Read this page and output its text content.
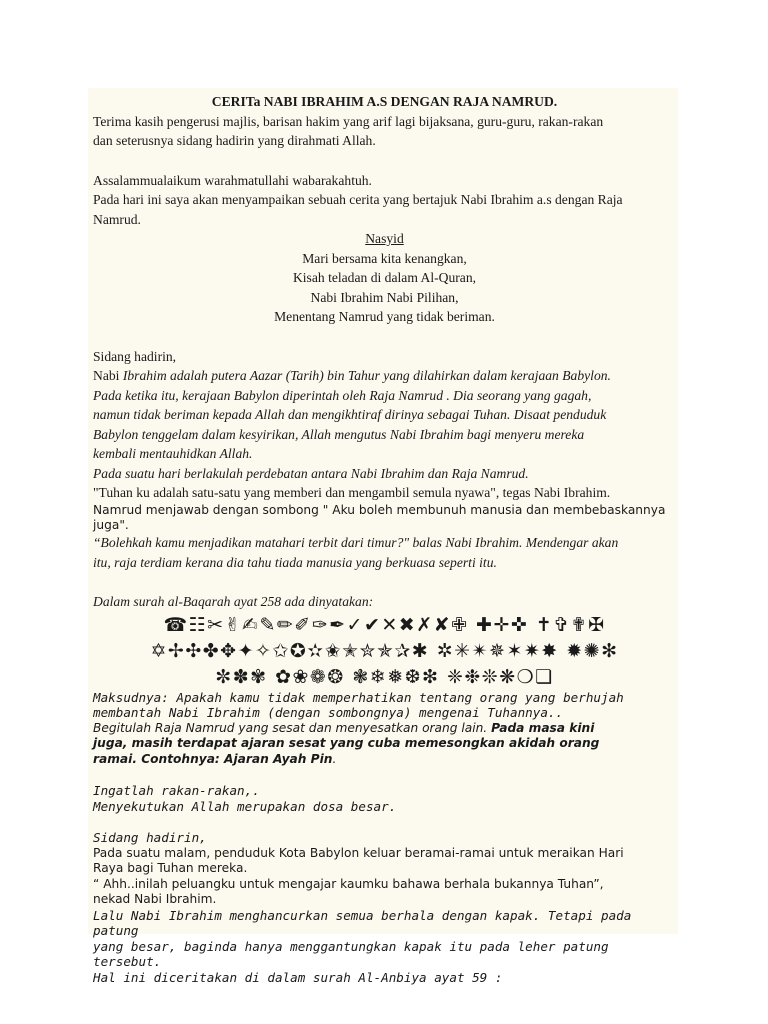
CERITa NABI IBRAHIM A.S DENGAN RAJA NAMRUD.

Terima kasih pengerusi majlis, barisan hakim yang arif lagi bijaksana, guru-guru, rakan-rakan

dan seterusnya sidang hadirin yang dirahmati Allah.

Assalammualaikum warahmatullahi wabarakahtuh.

Pada hari ini saya akan menyampaikan sebuah cerita yang bertajuk Nabi Ibrahim a.s dengan Raja

Namrud.

Nasyid

Mari bersama kita kenangkan,

Kisah teladan di dalam Al-Quran,

Nabi Ibrahim Nabi Pilihan,

Menentang Namrud yang tidak beriman.

Sidang hadirin,

Nabi Ibrahim adalah putera Aazar (Tarih) bin Tahur yang dilahirkan dalam kerajaan Babylon.

Pada ketika itu, kerajaan Babylon diperintah oleh Raja Namrud . Dia seorang yang gagah,

namun tidak beriman kepada Allah dan mengikhtiraf dirinya sebagai Tuhan. Disaat penduduk

Babylon tenggelam dalam kesyirikan, Allah mengutus Nabi Ibrahim bagi menyeru mereka

kembali mentauhidkan Allah.

Pada suatu hari berlakulah perdebatan antara Nabi Ibrahim dan Raja Namrud.

"Tuhan ku adalah satu-satu yang memberi dan mengambil semula nyawa", tegas Nabi Ibrahim.

Namrud menjawab dengan sombong " Aku boleh membunuh manusia dan membebaskannya

juga".

“Bolehkah kamu menjadikan matahari terbit dari timur?" balas Nabi Ibrahim. Mendengar akan

itu, raja terdiam kerana dia tahu tiada manusia yang berkuasa seperti itu.

Dalam surah al-Baqarah ayat 258 ada dinyatakan:

☎☷✂✌✍✎✏✐✑✒✓✔✕✖✗✘✙ ✚✛✜ ✝✞✟✠

✡✢✣✤✥✦✧✩✪✫✬✭✮✯✰✱ ✲✳✴✵✶✷✸ ✹✺✻

✼✽✾ ✿❀❁❂ ❃❄❅❆❇ ❈❉❊❋❍❏

Maksudnya: Apakah kamu tidak memperhatikan tentang orang yang berhujah

membantah Nabi Ibrahim (dengan sombongnya) mengenai Tuhannya..

Begitulah Raja Namrud yang sesat dan menyesatkan orang lain. Pada masa kini

juga, masih terdapat ajaran sesat yang cuba memesongkan akidah orang

ramai. Contohnya: Ajaran Ayah Pin.

Ingatlah rakan-rakan,.

Menyekutukan Allah merupakan dosa besar.

Sidang hadirin,

Pada suatu malam, penduduk Kota Babylon keluar beramai-ramai untuk meraikan Hari

Raya bagi Tuhan mereka.

“ Ahh..inilah peluangku untuk mengajar kaumku bahawa berhala bukannya Tuhan”,

nekad Nabi Ibrahim.

Lalu Nabi Ibrahim menghancurkan semua berhala dengan kapak. Tetapi pada patung

yang besar, baginda hanya menggantungkan kapak itu pada leher patung tersebut.

Hal ini diceritakan di dalam surah Al-Anbiya ayat 59 :
